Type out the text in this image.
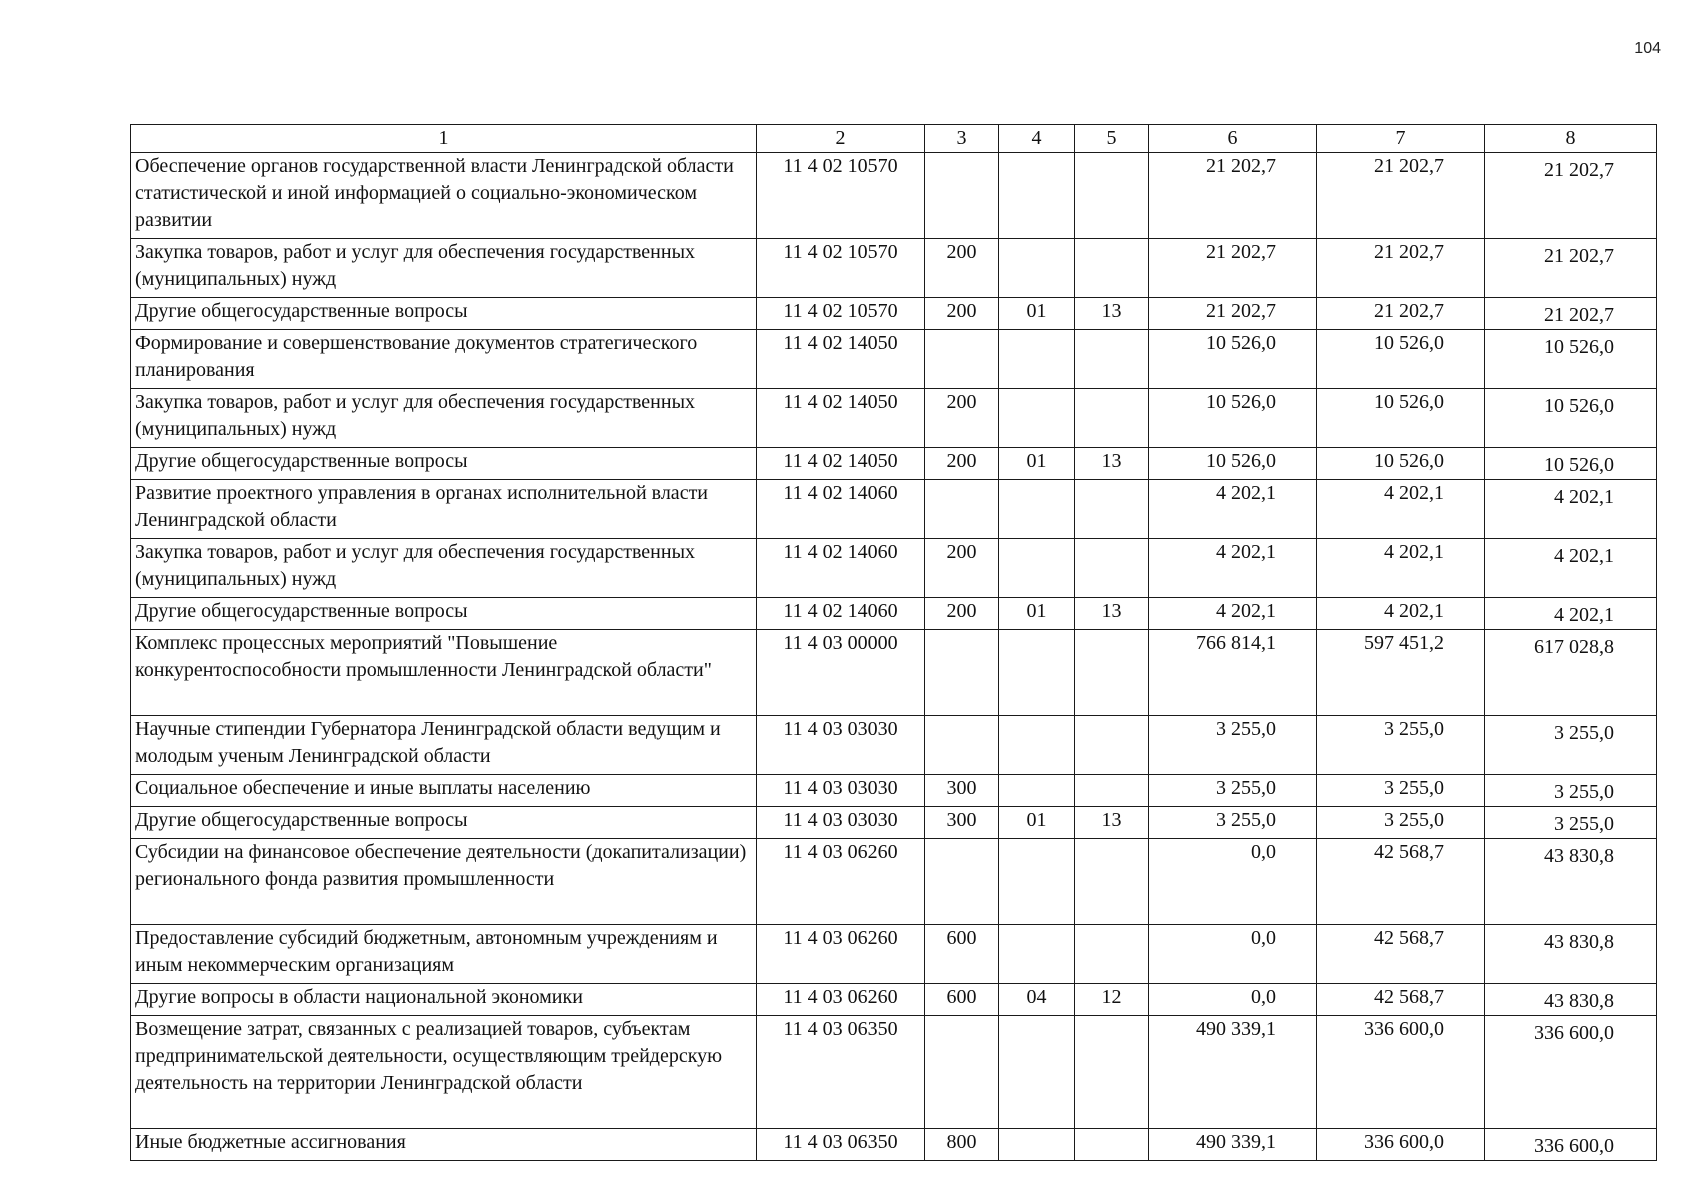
104
1	2	3	4	5	6	7	8
Обеспечение органов государственной власти Ленинградской области статистической и иной информацией о социально-экономическом развитии	11 4 02 10570				21 202,7	21 202,7	21 202,7
Закупка товаров, работ и услуг для обеспечения государственных (муниципальных) нужд	11 4 02 10570	200			21 202,7	21 202,7	21 202,7
Другие общегосударственные вопросы	11 4 02 10570	200	01	13	21 202,7	21 202,7	21 202,7
Формирование и совершенствование документов стратегического планирования	11 4 02 14050				10 526,0	10 526,0	10 526,0
Закупка товаров, работ и услуг для обеспечения государственных (муниципальных) нужд	11 4 02 14050	200			10 526,0	10 526,0	10 526,0
Другие общегосударственные вопросы	11 4 02 14050	200	01	13	10 526,0	10 526,0	10 526,0
Развитие проектного управления в органах исполнительной власти Ленинградской области	11 4 02 14060				4 202,1	4 202,1	4 202,1
Закупка товаров, работ и услуг для обеспечения государственных (муниципальных) нужд	11 4 02 14060	200			4 202,1	4 202,1	4 202,1
Другие общегосударственные вопросы	11 4 02 14060	200	01	13	4 202,1	4 202,1	4 202,1
Комплекс процессных мероприятий "Повышение конкурентоспособности промышленности Ленинградской области"	11 4 03 00000				766 814,1	597 451,2	617 028,8
Научные стипендии Губернатора Ленинградской области ведущим и молодым ученым Ленинградской области	11 4 03 03030				3 255,0	3 255,0	3 255,0
Социальное обеспечение и иные выплаты населению	11 4 03 03030	300			3 255,0	3 255,0	3 255,0
Другие общегосударственные вопросы	11 4 03 03030	300	01	13	3 255,0	3 255,0	3 255,0
Субсидии на финансовое обеспечение деятельности (докапитализации) регионального фонда развития промышленности	11 4 03 06260				0,0	42 568,7	43 830,8
Предоставление субсидий бюджетным, автономным учреждениям и иным некоммерческим организациям	11 4 03 06260	600			0,0	42 568,7	43 830,8
Другие вопросы в области национальной экономики	11 4 03 06260	600	04	12	0,0	42 568,7	43 830,8
Возмещение затрат, связанных с реализацией товаров, субъектам предпринимательской деятельности, осуществляющим трейдерскую деятельность на территории Ленинградской области	11 4 03 06350				490 339,1	336 600,0	336 600,0
Иные бюджетные ассигнования	11 4 03 06350	800			490 339,1	336 600,0	336 600,0
